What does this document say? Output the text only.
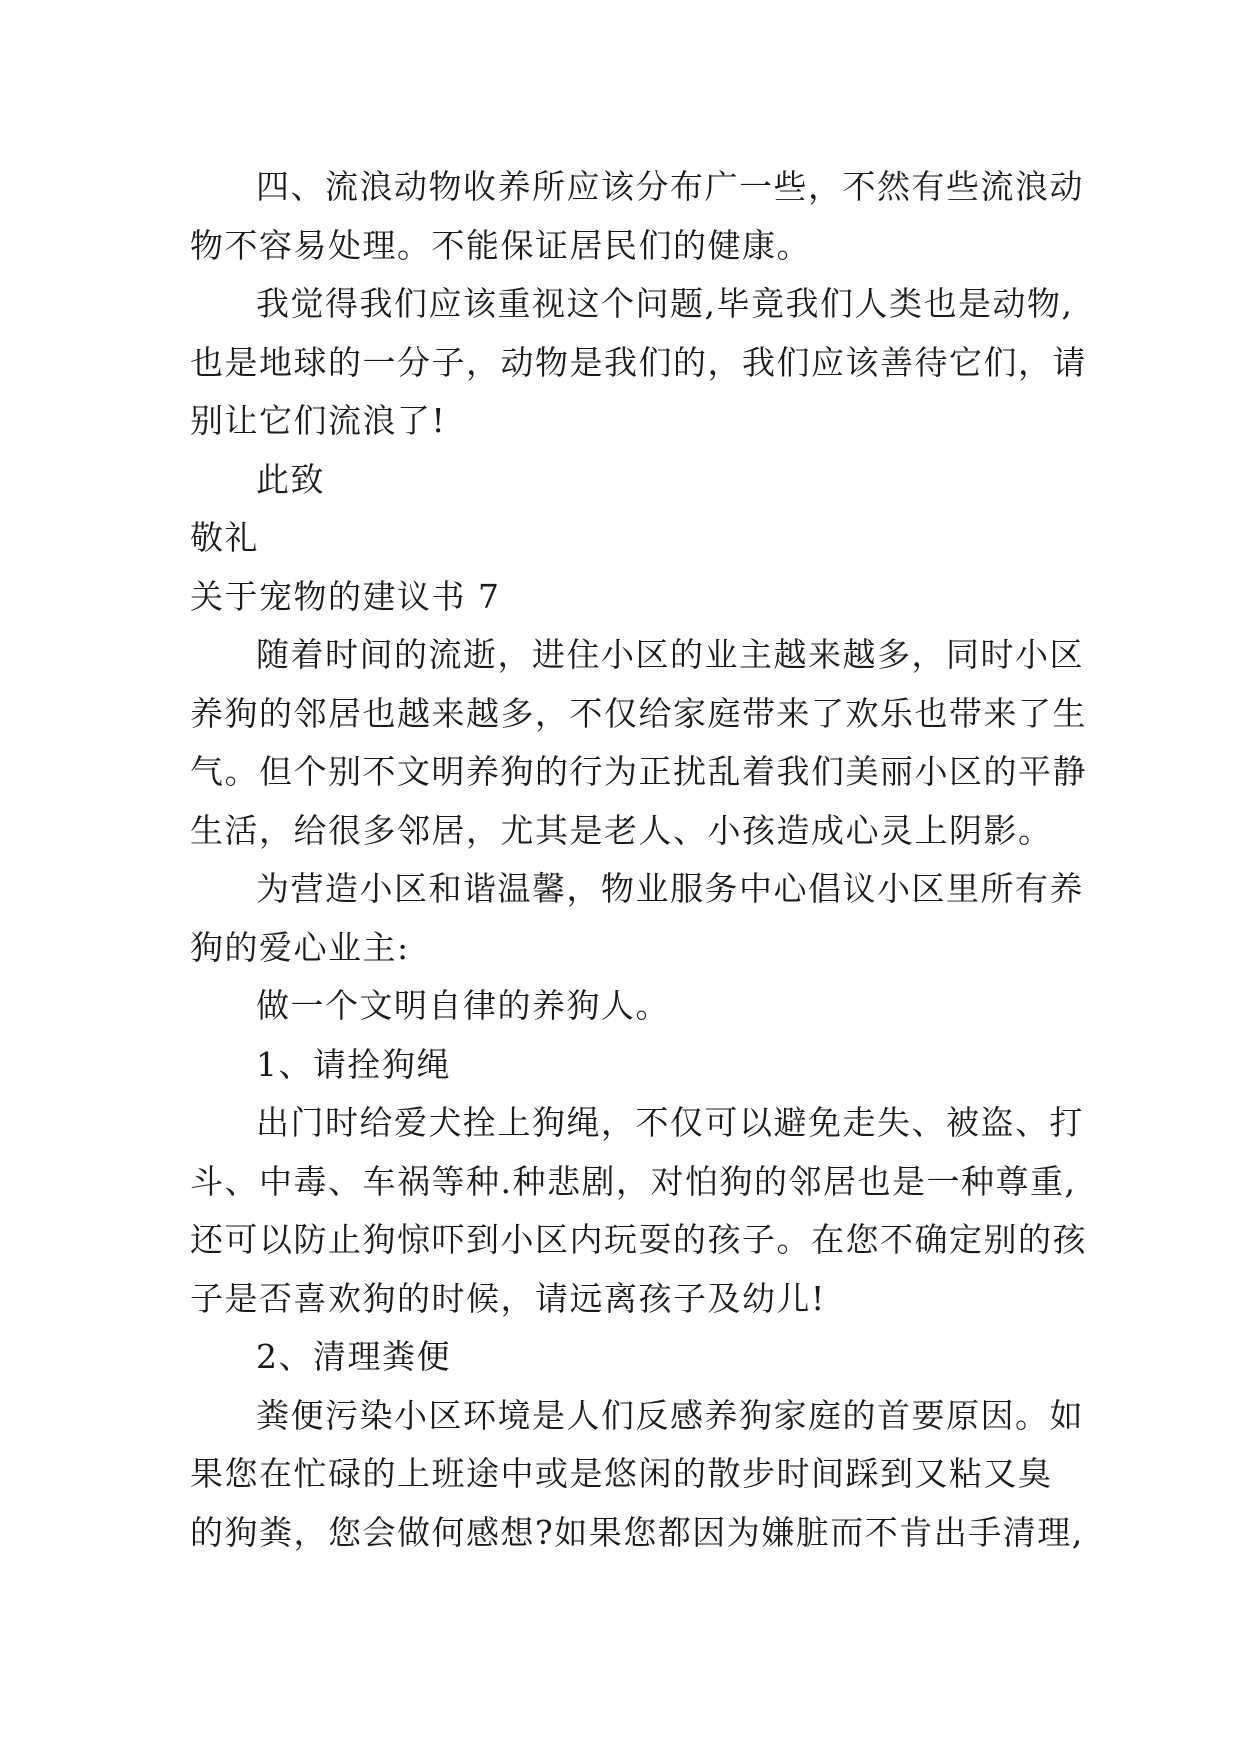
四、流浪动物收养所应该分布广一些，不然有些流浪动
物不容易处理。不能保证居民们的健康。
我觉得我们应该重视这个问题,毕竟我们人类也是动物,
也是地球的一分子，动物是我们的，我们应该善待它们，请
别让它们流浪了!
此致
敬礼
关于宠物的建议书 7
随着时间的流逝，进住小区的业主越来越多，同时小区
养狗的邻居也越来越多，不仅给家庭带来了欢乐也带来了生
气。但个别不文明养狗的行为正扰乱着我们美丽小区的平静
生活，给很多邻居，尤其是老人、小孩造成心灵上阴影。
为营造小区和谐温馨，物业服务中心倡议小区里所有养
狗的爱心业主:
做一个文明自律的养狗人。
1、请拴狗绳
出门时给爱犬拴上狗绳，不仅可以避免走失、被盗、打
斗、中毒、车祸等种.种悲剧，对怕狗的邻居也是一种尊重,
还可以防止狗惊吓到小区内玩耍的孩子。在您不确定别的孩
子是否喜欢狗的时候，请远离孩子及幼儿!
2、清理粪便
粪便污染小区环境是人们反感养狗家庭的首要原因。如
果您在忙碌的上班途中或是悠闲的散步时间踩到又粘又臭
的狗粪，您会做何感想?如果您都因为嫌脏而不肯出手清理,
